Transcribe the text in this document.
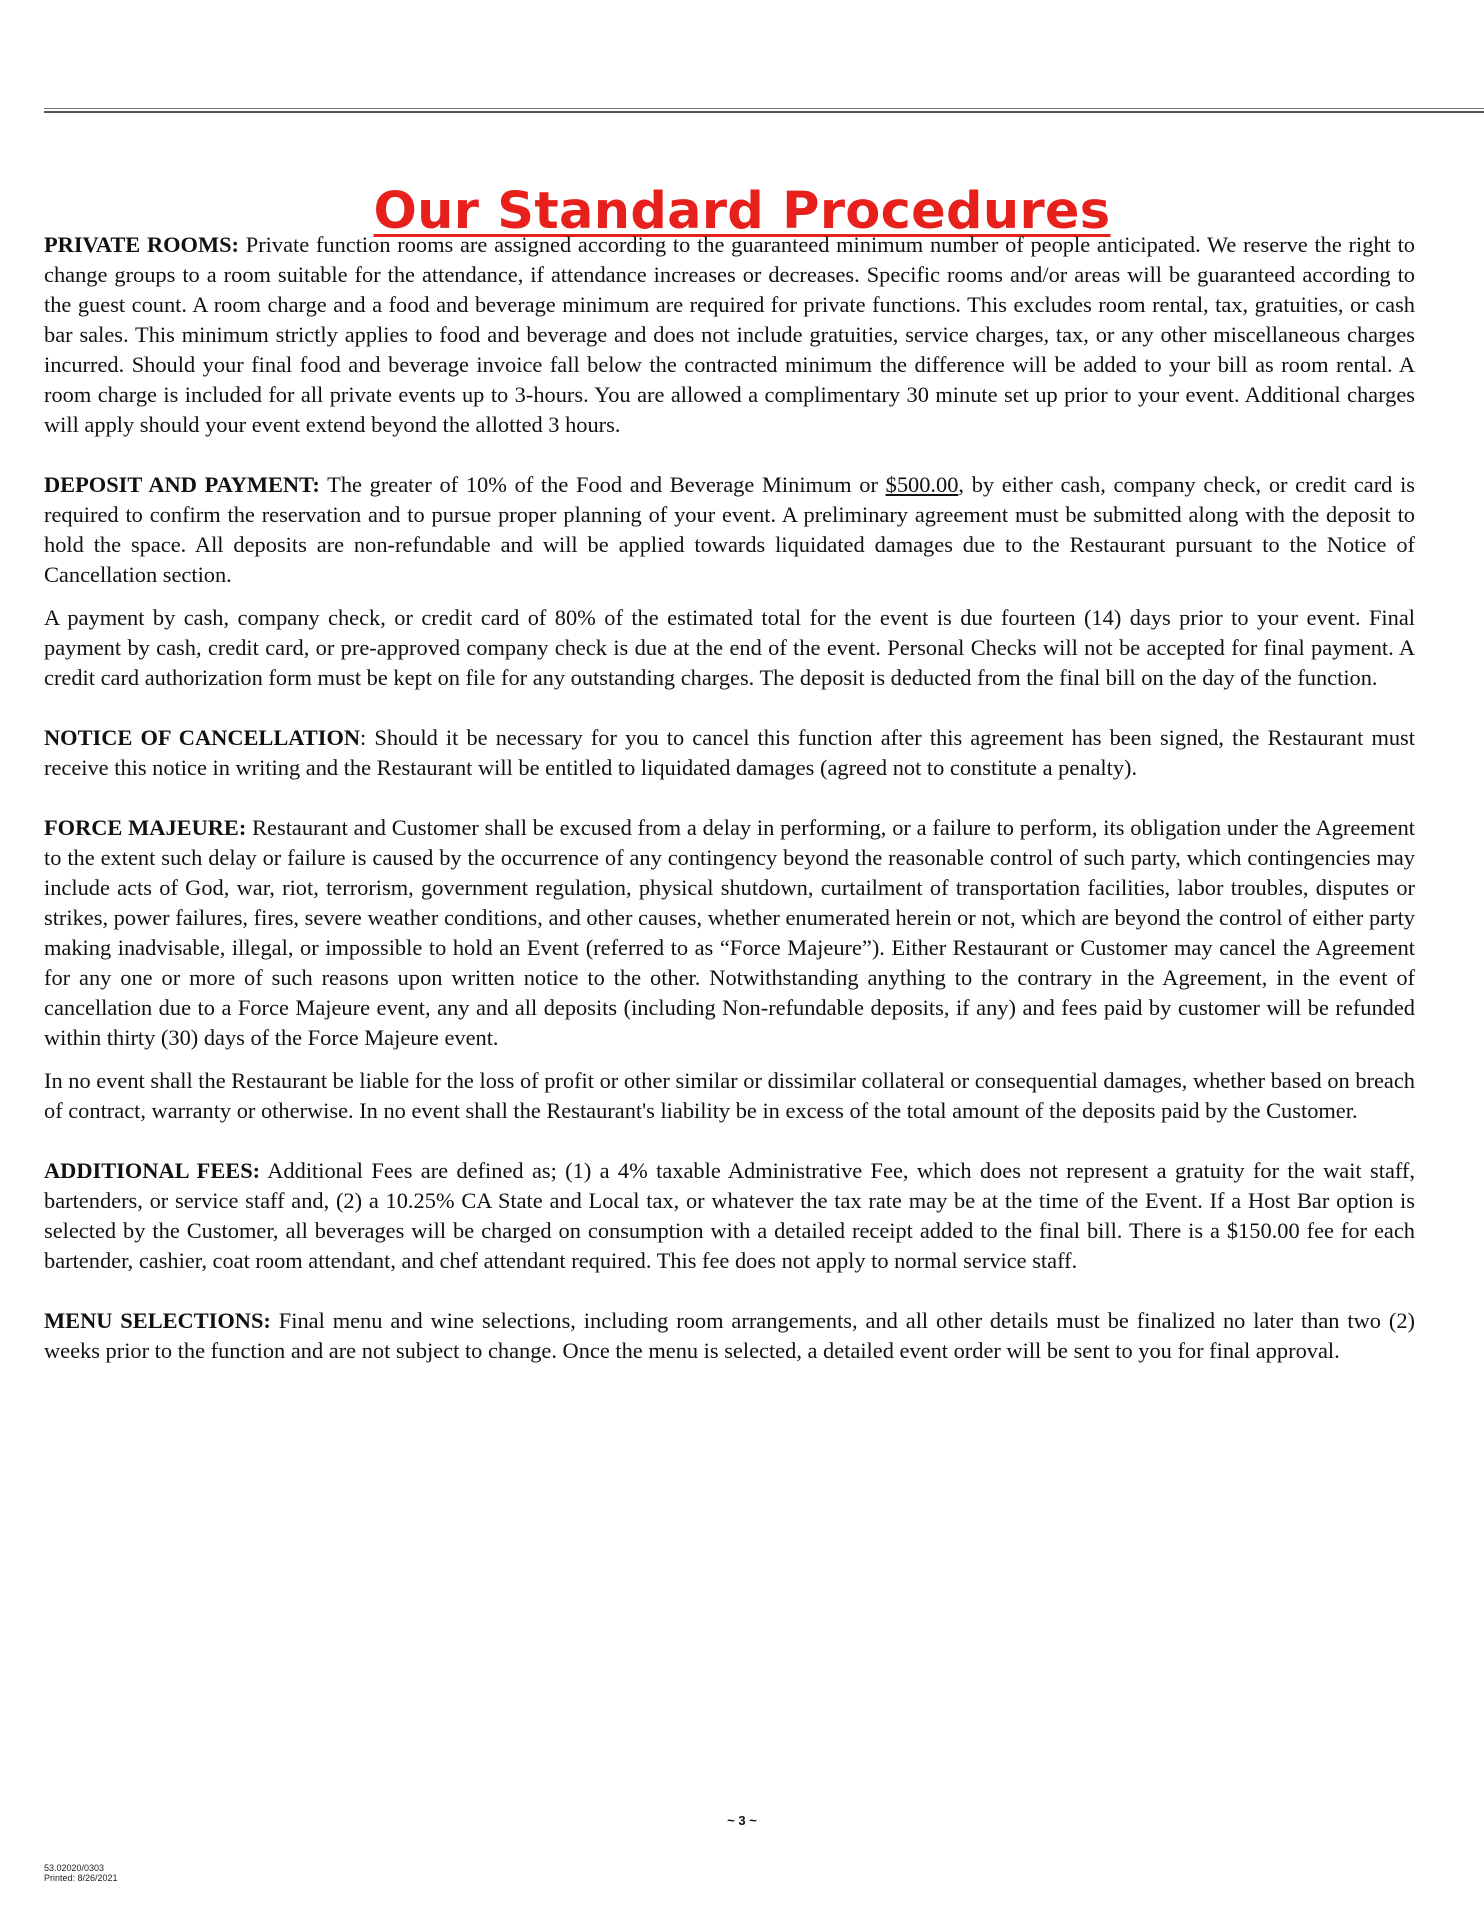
Our Standard Procedures

PRIVATE ROOMS: Private function rooms are assigned according to the guaranteed minimum number of people anticipated. We reserve the right to change groups to a room suitable for the attendance, if attendance increases or decreases. Specific rooms and/or areas will be guaranteed according to the guest count. A room charge and a food and beverage minimum are required for private functions. This excludes room rental, tax, gratuities, or cash bar sales. This minimum strictly applies to food and beverage and does not include gratuities, service charges, tax, or any other miscellaneous charges incurred. Should your final food and beverage invoice fall below the contracted minimum the difference will be added to your bill as room rental. A room charge is included for all private events up to 3-hours. You are allowed a complimentary 30 minute set up prior to your event. Additional charges will apply should your event extend beyond the allotted 3 hours.

DEPOSIT AND PAYMENT: The greater of 10% of the Food and Beverage Minimum or $500.00, by either cash, company check, or credit card is required to confirm the reservation and to pursue proper planning of your event. A preliminary agreement must be submitted along with the deposit to hold the space. All deposits are non-refundable and will be applied towards liquidated damages due to the Restaurant pursuant to the Notice of Cancellation section.

A payment by cash, company check, or credit card of 80% of the estimated total for the event is due fourteen (14) days prior to your event. Final payment by cash, credit card, or pre-approved company check is due at the end of the event. Personal Checks will not be accepted for final payment. A credit card authorization form must be kept on file for any outstanding charges. The deposit is deducted from the final bill on the day of the function.

NOTICE OF CANCELLATION: Should it be necessary for you to cancel this function after this agreement has been signed, the Restaurant must receive this notice in writing and the Restaurant will be entitled to liquidated damages (agreed not to constitute a penalty).

FORCE MAJEURE: Restaurant and Customer shall be excused from a delay in performing, or a failure to perform, its obligation under the Agreement to the extent such delay or failure is caused by the occurrence of any contingency beyond the reasonable control of such party, which contingencies may include acts of God, war, riot, terrorism, government regulation, physical shutdown, curtailment of transportation facilities, labor troubles, disputes or strikes, power failures, fires, severe weather conditions, and other causes, whether enumerated herein or not, which are beyond the control of either party making inadvisable, illegal, or impossible to hold an Event (referred to as “Force Majeure”). Either Restaurant or Customer may cancel the Agreement for any one or more of such reasons upon written notice to the other. Notwithstanding anything to the contrary in the Agreement, in the event of cancellation due to a Force Majeure event, any and all deposits (including Non-refundable deposits, if any) and fees paid by customer will be refunded within thirty (30) days of the Force Majeure event.

In no event shall the Restaurant be liable for the loss of profit or other similar or dissimilar collateral or consequential damages, whether based on breach of contract, warranty or otherwise. In no event shall the Restaurant's liability be in excess of the total amount of the deposits paid by the Customer.

ADDITIONAL FEES: Additional Fees are defined as; (1) a 4% taxable Administrative Fee, which does not represent a gratuity for the wait staff, bartenders, or service staff and, (2) a 10.25% CA State and Local tax, or whatever the tax rate may be at the time of the Event. If a Host Bar option is selected by the Customer, all beverages will be charged on consumption with a detailed receipt added to the final bill. There is a $150.00 fee for each bartender, cashier, coat room attendant, and chef attendant required. This fee does not apply to normal service staff.

MENU SELECTIONS: Final menu and wine selections, including room arrangements, and all other details must be finalized no later than two (2) weeks prior to the function and are not subject to change. Once the menu is selected, a detailed event order will be sent to you for final approval.

~ 3 ~
53.02020/0303
Printed: 8/26/2021
